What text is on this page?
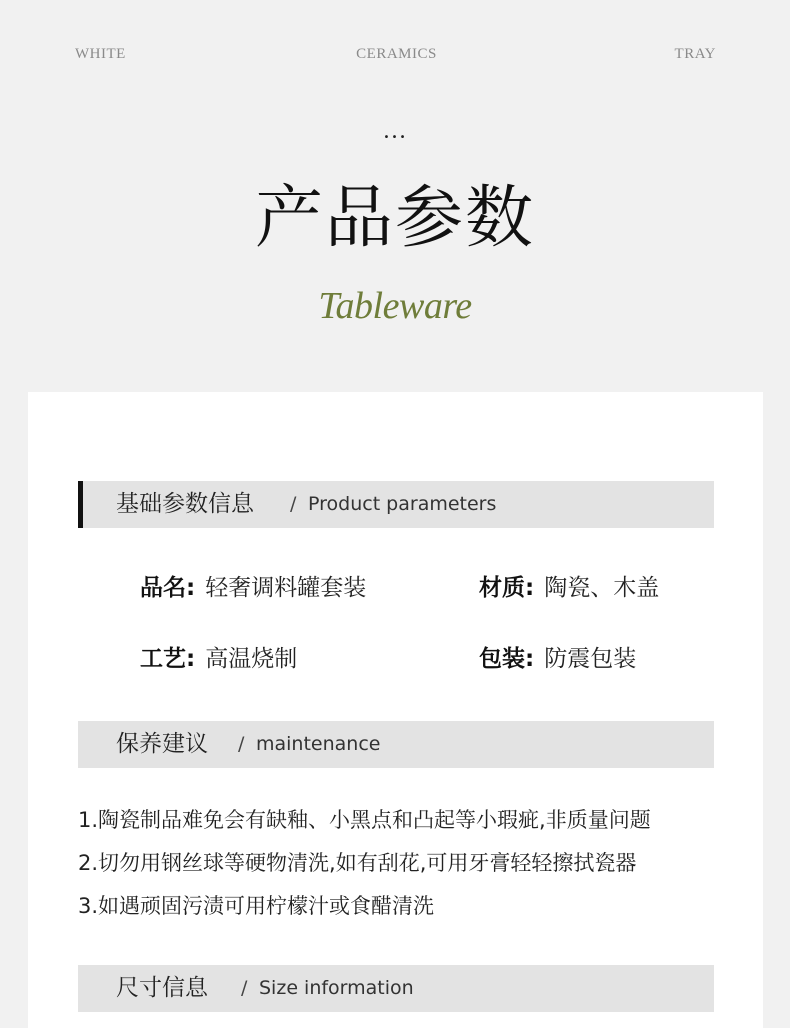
WHITE	CERAMICS	TRAY
…
产品参数
Tableware
基础参数信息 / Product parameters
品名: 轻奢调料罐套装	材质: 陶瓷、木盖
工艺: 高温烧制	包装: 防震包装
保养建议 / maintenance
1.陶瓷制品难免会有缺釉、小黑点和凸起等小瑕疵,非质量问题
2.切勿用钢丝球等硬物清洗,如有刮花,可用牙膏轻轻擦拭瓷器
3.如遇顽固污渍可用柠檬汁或食醋清洗
尺寸信息 / Size information
